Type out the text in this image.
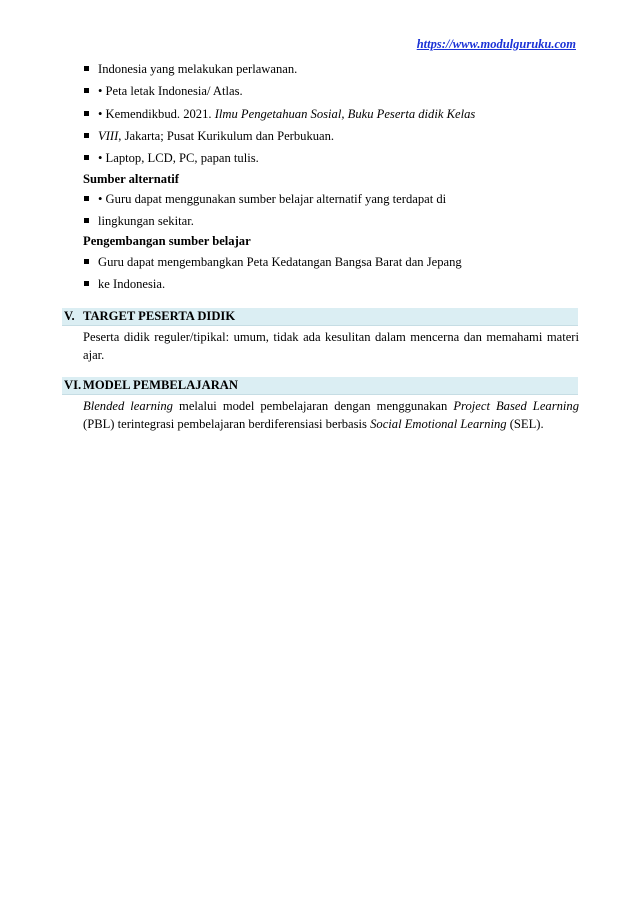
https://www.modulguruku.com
Indonesia yang melakukan perlawanan.
• Peta letak Indonesia/ Atlas.
• Kemendikbud. 2021. Ilmu Pengetahuan Sosial, Buku Peserta didik Kelas
VIII, Jakarta; Pusat Kurikulum dan Perbukuan.
• Laptop, LCD, PC, papan tulis.
Sumber alternatif
• Guru dapat menggunakan sumber belajar alternatif yang terdapat di
lingkungan sekitar.
Pengembangan sumber belajar
Guru dapat mengembangkan Peta Kedatangan Bangsa Barat dan Jepang
ke Indonesia.
V. TARGET PESERTA DIDIK
Peserta didik reguler/tipikal: umum, tidak ada kesulitan dalam mencerna dan memahami materi
ajar.
VI. MODEL PEMBELAJARAN
Blended learning melalui model pembelajaran dengan menggunakan Project Based Learning
(PBL) terintegrasi pembelajaran berdiferensiasi berbasis Social Emotional Learning (SEL).
